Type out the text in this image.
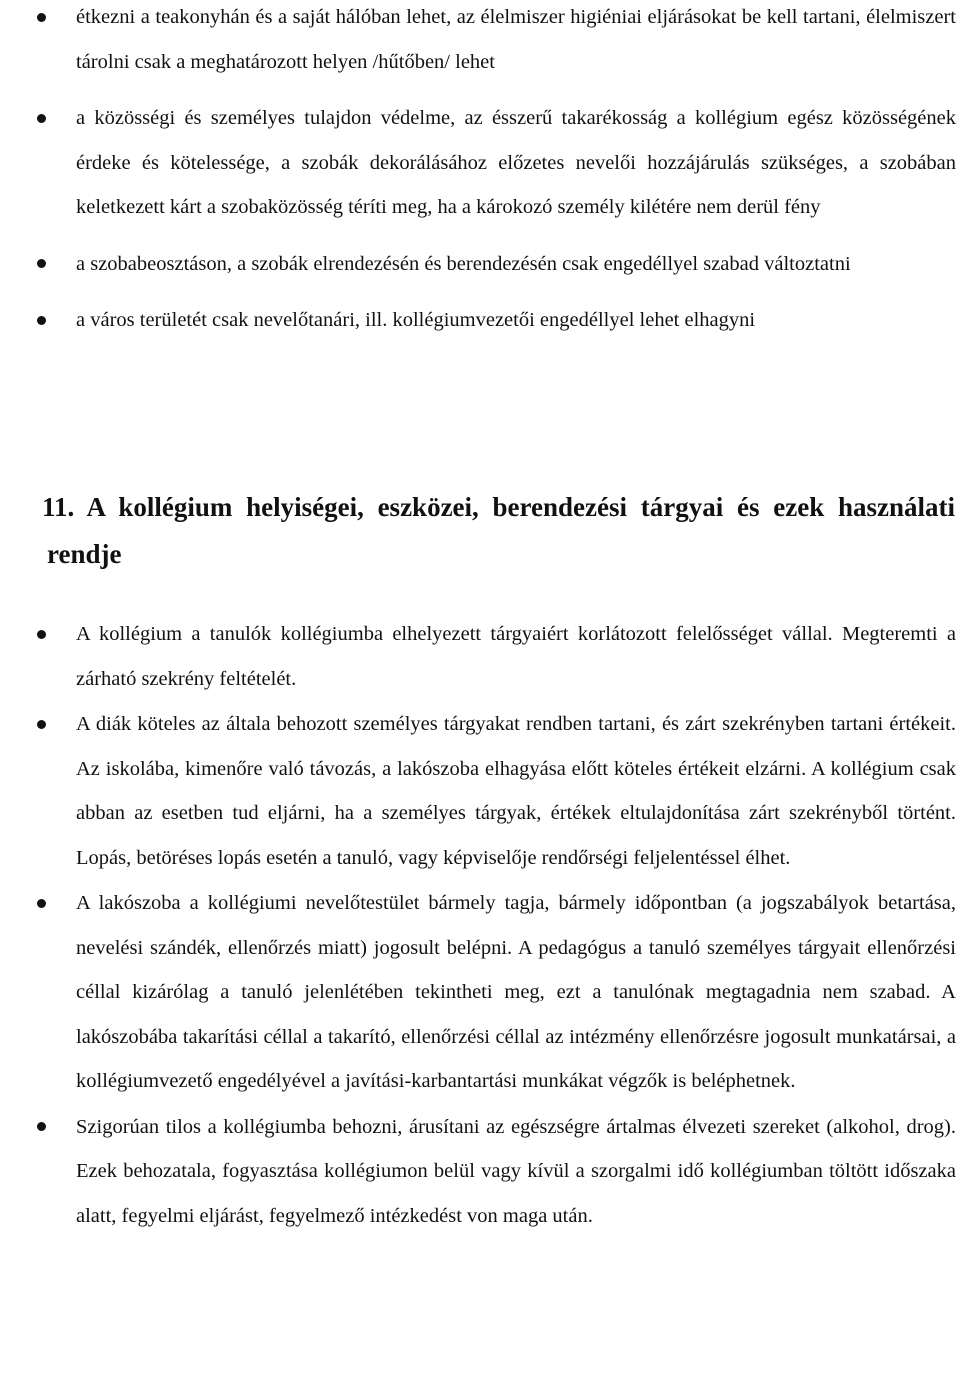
étkezni a teakonyhán és a saját hálóban lehet, az élelmiszer higiéniai eljárásokat be kell tartani, élelmiszert tárolni csak a meghatározott helyen /hűtőben/ lehet
a közösségi és személyes tulajdon védelme, az ésszerű takarékosság a kollégium egész közösségének érdeke és kötelessége, a szobák dekorálásához előzetes nevelői hozzájárulás szükséges, a szobában keletkezett kárt a szobaközösség téríti meg, ha a károkozó személy kilétére nem derül fény
a szobabeosztáson, a szobák elrendezésén és berendezésén csak engedéllyel szabad változtatni
a város területét csak nevelőtanári, ill. kollégiumvezetői engedéllyel lehet elhagyni
11. A kollégium helyiségei, eszközei, berendezési tárgyai és ezek használati rendje
A kollégium a tanulók kollégiumba elhelyezett tárgyaiért korlátozott felelősséget vállal. Megteremti a zárható szekrény feltételét.
A diák köteles az általa behozott személyes tárgyakat rendben tartani, és zárt szekrényben tartani értékeit. Az iskolába, kimenőre való távozás, a lakószoba elhagyása előtt köteles értékeit elzárni. A kollégium csak abban az esetben tud eljárni, ha a személyes tárgyak, értékek eltulajdonítása zárt szekrényből történt. Lopás, betöréses lopás esetén a tanuló, vagy képviselője rendőrségi feljelentéssel élhet.
A lakószoba a kollégiumi nevelőtestület bármely tagja, bármely időpontban (a jogszabályok betartása, nevelési szándék, ellenőrzés miatt) jogosult belépni. A pedagógus a tanuló személyes tárgyait ellenőrzési céllal kizárólag a tanuló jelenlétében tekintheti meg, ezt a tanulónak megtagadnia nem szabad. A lakószobába takarítási céllal a takarító, ellenőrzési céllal az intézmény ellenőrzésre jogosult munkatársai, a kollégiumvezető engedélyével a javítási-karbantartási munkákat végzők is beléphetnek.
Szigorúan tilos a kollégiumba behozni, árusítani az egészségre ártalmas élvezeti szereket (alkohol, drog). Ezek behozatala, fogyasztása kollégiumon belül vagy kívül a szorgalmi idő kollégiumban töltött időszaka alatt, fegyelmi eljárást, fegyelmező intézkedést von maga után.
